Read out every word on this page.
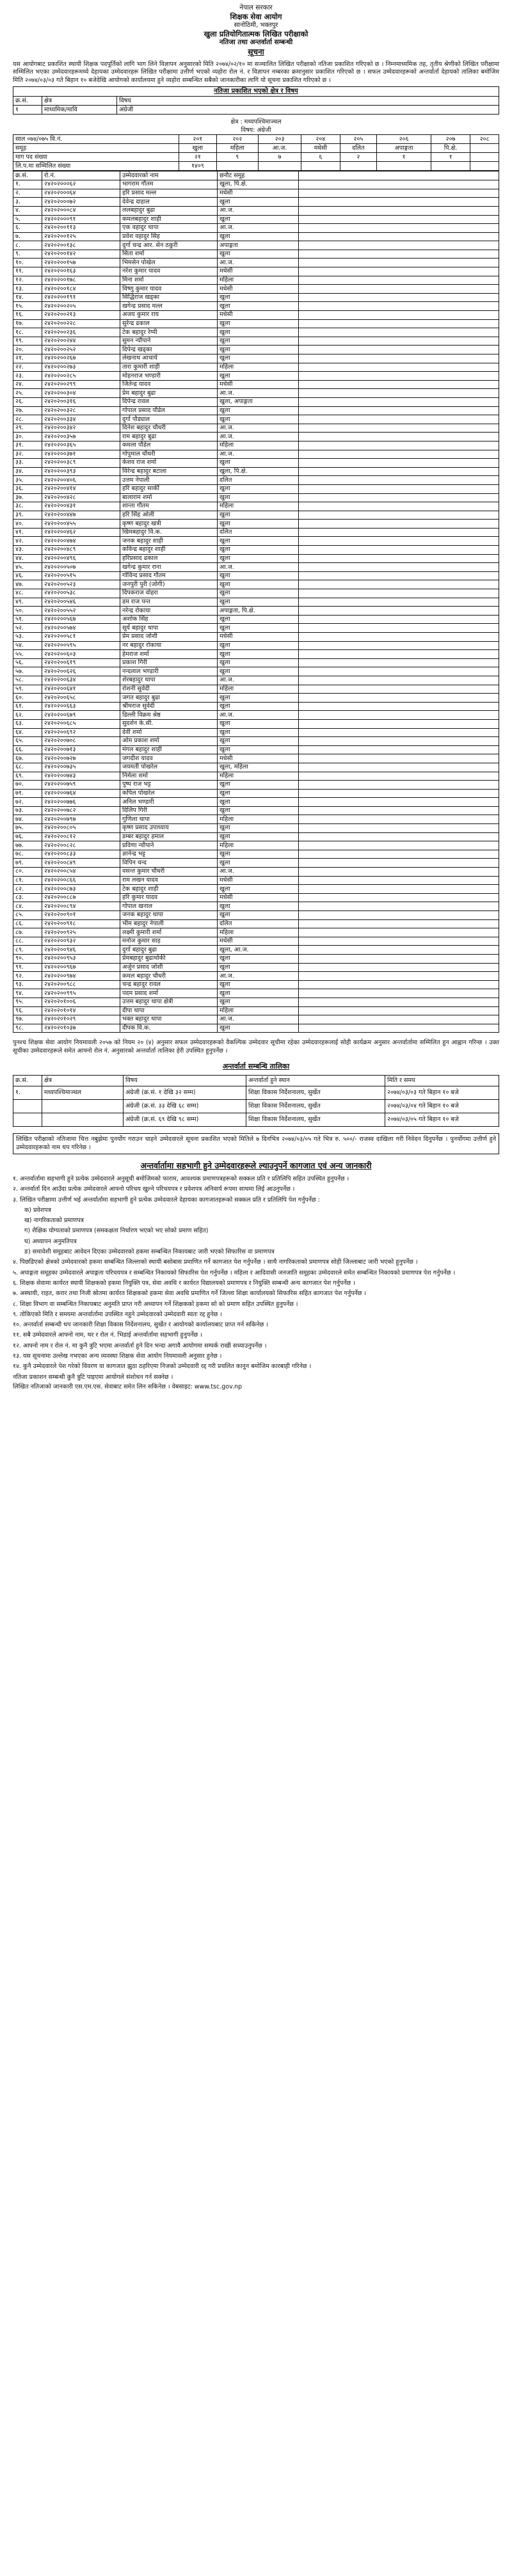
नेपाल सरकार
शिक्षक सेवा आयोग
सानोठिमी, भक्तपुर
खुला प्रतियोगितात्मक लिखित परीक्षाको
नतिजा तथा अन्तर्वार्ता सम्बन्धी
सूचना
यस आयोगबाट प्रकाशित स्थायी शिक्षक पदपूर्तिको लागि भाग लिने विज्ञापन अनुसारको मिति २०७४/०२/१० मा सञ्चालित लिखित परीक्षाको नतिजा प्रकाशित गरिएको छ । निम्नमाध्यमिक तह, तृतीय श्रेणीको लिखित परीक्षामा सम्मिलित भएका उम्मेदवारहरूमध्ये देहायका उम्मेदवारहरू लिखित परीक्षामा उत्तीर्ण भएको व्यहोरा रोल नं. र विज्ञापन नम्बरका क्रमानुसार प्रकाशित गरिएको छ । सफल उम्मेदवारहरूको अन्तर्वार्ता देहायको तालिका बमोजिम मिति २०७४/०३/०३ गते बिहान १० बजेदेखि आयोगको कार्यालयमा हुने व्यहोरा सम्बन्धित सबैको जानकारीका लागि यो सूचना प्रकाशित गरिएको छ ।
नतिजा प्रकाशित भएको क्षेत्र र विषय
क्र.सं.	क्षेत्र	विषय
१	माध्यमिक/मावि	अंग्रेजी
क्षेत्र : मध्यपश्चिमाञ्चल
विषय: अंग्रेजी
साल ०७४/०७५ वि.नं.	२०१	२०२	२०३	२०४	२०५	२०६	२०७	२०८
समूह	खुला	महिला	आ.ज.	मधेसी	दलित	अपाङ्गता	पि.क्षे.	
माग पद संख्या	२१	९	७	६	२	१	१	
लि.प.मा सम्मिलित संख्या	१४०९							
क्र.सं.	रो.नं.	उम्मेदवारको नाम	छनौट समूह	
१.	२४२०२०००६२	भागराम गौतम	खुला, पि.क्षे.	
२.	२४२०२०००६४	हरि प्रसाद मल्ल	मधेसी	
३.	२४२०२०००७२	देवेन्द्र दाहाल	खुला	
४.	२४२०२०००८४	ललबहादुर बुढा	आ.ज.	
५.	२४२०२०००९१	कमलबहादुर शाही	खुला	
६.	२४२०२००११३	एक वहादुर थापा	आ.ज.	
७.	२४२०२००१२५	प्रवेश वहादुर सिह	खुला	
८.	२४२०२००१३८	दुर्गा चन्द्र आर. सेन ठकुरी	अपाङ्गता	
९.	२४२०२००१४२	सिता शर्मा	खुला	
१०.	२४२०२००१५७	भिमसेन पोखेल	आ.ज.	
११.	२४२०२००१६३	नरेश कुमार यादव	मधेसी	
१२.	२४२०२००१७८	मिना शर्मा	महिला	
१३.	२४२०२००१८४	विष्णु कुमार यादव	मधेसी	
१४.	२४२०२००१९१	सिद्धिराज खड्का	खुला	
१५.	२४२०२००२०५	खगेन्द्र प्रसाद मल्ल	खुला	
१६.	२४२०२००२१३	अजय कुमार राय	मधेसी	
१७.	२४२०२००२२८	सुरेन्द्र ढकाल	खुला	
१८.	२४२०२००२३६	टेक बहादुर रेग्मी	खुला	
१९.	२४२०२००२४४	सुमन न्यौपाने	खुला	
२०.	२४२०२००२५२	दिपेन्द्र खड्का	खुला	
२१.	२४२०२००२६७	लेखनाथ आचार्य	खुला	
२२.	२४२०२००२७३	तारा कुमारी शाही	महिला	
२३.	२४२०२००२८५	मोहनराज भण्डारी	खुला	
२४.	२४२०२००२९९	जितेन्द्र यादव	मधेसी	
२५.	२४२०२००३०४	प्रेम बहादुर बुढा	आ.ज.	
२६.	२४२०२००३१६	दिपेन्द्र रावल	खुला, अपाङ्गता	
२७.	२४२०२००३२८	गोपाल प्रसाद पौडेल	खुला	
२८.	२४२०२००३३४	दुर्गा पौड्याल	खुला	
२९.	२४२०२००३४२	दिनेश बहादुर चौधरी	आ.ज.	
३०.	२४२०२००३५७	राम बहादुर बुढा	आ.ज.	
३१.	२४२०२००३६५	कमला पौडेल	महिला	
३२.	२४२०२००३७१	गोपुमाल चौधरी	आ.ज.	
३३.	२४२०२००३८९	केशव राज शर्मा	खुला	
३४.	२४२०२००३९३	विरेन्द्र बहादुर बटाला	खुला, पि.क्षे.	
३५.	२४२०२००४०६	उत्तम नेपाली	दलित	
३६.	२४२०२००४१४	हरि बहादुर सार्की	खुला	
३७.	२४२०२००४२८	बालाराम शर्मा	खुला	
३८.	२४२०२००४३१	शान्ता गौतम	महिला	
३९.	२४२०२००४४७	हरि सिंह ओली	खुला	
४०.	२४२०२००४५५	कृष्ण बहादुर खत्री	खुला	
४१.	२४२०२००४६२	खिमबहादुर वि.क.	दलित	
४२.	२४२०२००४७४	जनक बहादुर शाही	खुला	
४३.	२४२०२००४८९	कविन्द्र बहादुर शाही	खुला	
४४.	२४२०२००४९६	हरिप्रसाद ढकाल	खुला	
४५.	२४२०२००५०७	खगेन्द्र कुमार राना	आ.ज.	
४६.	२४२०२००५१५	गोविन्द प्रसाद गौतम	खुला	
४७.	२४२०२००५२३	जनपुरी पुरी (जोगी)	खुला	
४८.	२४२०२००५३८	दिपकराज वोहरा	खुला	
४९.	२४२०२००५४६	डम राज पन्त	खुला	
५०.	२४२०२००५५२	नरेन्द्र रोकाया	अपाङ्गता, पि.क्षे.	
५१.	२४२०२००५६७	अशोक सिंह	खुला	
५२.	२४२०२००५७४	सूर्य बहादुर थापा	खुला	
५३.	२४२०२००५८१	प्रेम प्रसाद जोशी	मधेसी	
५४.	२४२०२००५९५	नर बहादुर रोकाया	खुला	
५५.	२४२०२००६०३	हेमराज शर्मा	खुला	
५६.	२४२०२००६१९	प्रकाश गिरी	खुला	
५७.	२४२०२००६२६	नन्दलाल भण्डारी	खुला	
५८.	२४२०२००६३४	शेरबहादुर थापा	आ.ज.	
५९.	२४२०२००६४१	रोशनी सुवेदी	महिला	
६०.	२४२०२००६५८	जगत बहादुर बुढा	खुला	
६१.	२४२०२००६६३	श्रीमराज सुवेदी	खुला	
६२.	२४२०२००६७९	डिल्ली विक्रम श्रेष्ठ	आ.ज.	
६३.	२४२०२००६८५	सुदर्शन के.सी.	खुला	
६४.	२४२०२००६९२	देवी शर्मा	खुला	
६५.	२४२०२००७०८	ओम प्रकाश शर्मा	खुला	
६६.	२४२०२००७१३	मंगल बहादुर शाही	खुला	
६७.	२४२०२००७२७	जगदीश यादव	मधेसी	
६८.	२४२०२००७३५	जयमती पोखरेल	खुला, महिला	
६९.	२४२०२००७४३	निर्मला शर्मा	महिला	
७०.	२४२०२००७५९	पुष्प राज भट्ट	खुला	
७१.	२४२०२००७६४	कपिल पोखरेल	खुला	
७२.	२४२०२००७७६	अनिल भण्डारी	खुला	
७३.	२४२०२००७८२	दिलिप गिरी	खुला	
७४.	२४२०२००७९७	गुणिला थापा	महिला	
७५.	२४२०२००८०५	कृष्ण प्रसाद उपाध्याय	खुला	
७६.	२४२०२००८१२	डम्बर बहादुर हमाल	खुला	
७७.	२४२०२००८२८	प्रविणा न्यौपाने	महिला	
७८.	२४२०२००८३३	ज्ञानेन्द्र भट्ट	खुला	
७९.	२४२०२००८४९	विपिन चन्द	खुला	
८०.	२४२०२००८५४	वसन्त कुमार चौधरी	आ.ज.	
८१.	२४२०२००८६६	राम लखन यादव	मधेसी	
८२.	२४२०२००८७३	टेक बहादुर शाही	खुला	
८३.	२४२०२००८८७	हरि कुमार यादव	मधेसी	
८४.	२४२०२००८९४	गोपाल खनाल	खुला	
८५.	२४२०२००९०१	जनक बहादुर थापा	खुला	
८६.	२४२०२००९१८	भीम बहादुर नेपाली	दलित	
८७.	२४२०२००९२५	लक्ष्मी कुमारी शर्मा	महिला	
८८.	२४२०२००९३२	मनोज कुमार साह	मधेसी	
८९.	२४२०२००९४६	दुर्गा बहादुर बुढा	खुला, आ.ज.	
९०.	२४२०२००९५३	प्रेमबहादुर बुढाथोकी	खुला	
९१.	२४२०२००९६७	अर्जुन प्रसाद जोशी	खुला	
९२.	२४२०२००९७४	कमल बहादुर चौधरी	आ.ज.	
९३.	२४२०२००९८८	चन्द्र बहादुर रावल	खुला	
९४.	२४२०२००९९५	पदम प्रसाद शर्मा	खुला	
९५.	२४२०२०१००६	उत्तम बहादुर थापा क्षेत्री	खुला	
९६.	२४२०२०१०१४	दीपा थापा	महिला	
९७.	२४२०२०१०२९	भक्त बहादुर थापा	आ.ज.	
९८.	२४२०२०१०३७	दीपक वि.क.	खुला	
पुनश्च शिक्षक सेवा आयोग नियमावली २०५७ को नियम २० (४) अनुसार सफल उम्मेदवारहरूको वैकल्पिक उम्मेदवार सूचीमा रहेका उम्मेदवारहरूलाई सोही कार्यक्रम अनुसार अन्तर्वार्तामा सम्मिलित हुन आह्वान गरिन्छ । उक्त सूचीका उम्मेदवारहरूले समेत आफ्नो रोल नं. अनुसारको अन्तर्वार्ता तालिका हेरी उपस्थित हुनुपर्नेछ ।
अन्तर्वार्ता सम्बन्धि तालिका
क्र.सं.	क्षेत्र	विषय	अन्तर्वार्ता हुने स्थान	मिति र समय
१.	मध्यपश्चिमाञ्चल	अंग्रेजी (क्र.सं. १ देखि ३२ सम्म)	शिक्षा विकास निर्देशनालय, सुर्खेत	२०७४/०३/०३ गते बिहान १० बजे
		अंग्रेजी (क्र.सं. ३३ देखि ६८ सम्म)	शिक्षा विकास निर्देशनालय, सुर्खेत	२०७४/०३/०४ गते बिहान १० बजे
		अंग्रेजी (क्र.सं. ६९ देखि ९८ सम्म)	शिक्षा विकास निर्देशनालय, सुर्खेत	२०७४/०३/०५ गते बिहान १० बजे
लिखित परीक्षाको नतिजामा चित्त नबुझेमा पुनर्योग गराउन चाहने उम्मेदवारले सूचना प्रकाशित भएको मितिले ७ दिनभित्र २०७४/०३/०५ गते भित्र रु. ५००/- राजस्व दाखिला गरी निवेदन दिनुपर्नेछ । पुनर्योगमा उत्तीर्ण हुने उम्मेदवारहरूको नाम थप गरिनेछ ।
अन्तर्वार्तामा सहभागी हुने उम्मेदवारहरूले ल्याउनुपर्ने कागजात एवं अन्य जानकारी

१. अन्तर्वार्तामा सहभागी हुने प्रत्येक उम्मेदवारले अनुसूची बमोजिमको फाराम, आवश्यक प्रमाणपत्रहरूको सक्कल प्रति र प्रतिलिपि सहित उपस्थित हुनुपर्नेछ ।

२. अन्तर्वार्ता दिन आउँदा प्रत्येक उम्मेदवारले आफ्नो परिचय खुल्ने परिचयपत्र र प्रवेशपत्र अनिवार्य रूपमा साथमा लिई आउनुपर्नेछ ।

३. लिखित परीक्षामा उत्तीर्ण भई अन्तर्वार्तामा सहभागी हुने प्रत्येक उम्मेदवारले देहायका कागजातहरूको सक्कल प्रति र प्रतिलिपि पेश गर्नुपर्नेछ :

क) प्रवेशपत्र

ख) नागरिकताको प्रमाणपत्र

ग) शैक्षिक योग्यताको प्रमाणपत्र (समकक्षता निर्धारण भएको भए सोको प्रमाण सहित)

घ) अध्यापन अनुमतिपत्र

ङ) समावेशी समूहबाट आवेदन दिएका उम्मेदवारको हकमा सम्बन्धित निकायबाट जारी भएको सिफारिस वा प्रमाणपत्र

४. पिछडिएको क्षेत्रको उम्मेदवारको हकमा सम्बन्धित जिल्लाको स्थायी बसोबास प्रमाणित गर्ने कागजात पेश गर्नुपर्नेछ । साथै नागरिकताको प्रमाणपत्र सोही जिल्लाबाट जारी भएको हुनुपर्नेछ ।

५. अपाङ्गता समूहका उम्मेदवारले अपाङ्गता परिचयपत्र र सम्बन्धित निकायको सिफारिस पेश गर्नुपर्नेछ । महिला र आदिवासी जनजाति समूहका उम्मेदवारले समेत सम्बन्धित निकायको प्रमाणपत्र पेश गर्नुपर्नेछ ।

६. शिक्षक सेवामा कार्यरत स्थायी शिक्षकको हकमा नियुक्ति पत्र, सेवा अवधि र कार्यरत विद्यालयको प्रमाणपत्र र नियुक्ति सम्बन्धी अन्य कागजात पेश गर्नुपर्नेछ ।

७. अस्थायी, राहत, करार तथा निजी स्रोतमा कार्यरत शिक्षकको हकमा सेवा अवधि प्रमाणित गर्ने जिल्ला शिक्षा कार्यालयको सिफारिस सहित कागजात पेश गर्नुपर्नेछ ।

८. शिक्षा विभाग वा सम्बन्धित निकायबाट अनुमति प्राप्त गरी अध्यापन गर्ने शिक्षकको हकमा सो को प्रमाण सहित उपस्थित हुनुपर्नेछ ।

९. तोकिएको मिति र समयमा अन्तर्वार्तामा उपस्थित नहुने उम्मेदवारको उम्मेदवारी स्वतः रद्द हुनेछ ।

१०. अन्तर्वार्ता सम्बन्धी थप जानकारी शिक्षा विकास निर्देशनालय, सुर्खेत र आयोगको कार्यालयबाट प्राप्त गर्न सकिनेछ ।

११. सबै उम्मेदवारले आफ्नो नाम, थर र रोल नं. भिडाई अन्तर्वार्तामा सहभागी हुनुपर्नेछ ।

१२. आफ्नो नाम र रोल नं. मा कुनै त्रुटि भएमा अन्तर्वार्ता हुने दिन भन्दा अगावै आयोगमा सम्पर्क राखी सच्याउनुपर्नेछ ।

१३. यस सूचनामा उल्लेख नभएका अन्य व्यवस्था शिक्षक सेवा आयोग नियमावली अनुसार हुनेछ ।

१४. कुनै उम्मेदवारले पेश गरेको विवरण वा कागजात झुठा ठहरिएमा निजको उम्मेदवारी रद्द गरी प्रचलित कानुन बमोजिम कारबाही गरिनेछ ।

नतिजा प्रकाशन सम्बन्धी कुनै त्रुटि पाइएमा आयोगले संशोधन गर्न सक्नेछ ।

लिखित नतिजाको जानकारी एस.एम.एस. सेवाबाट समेत लिन सकिनेछ । वेबसाइट: www.tsc.gov.np
